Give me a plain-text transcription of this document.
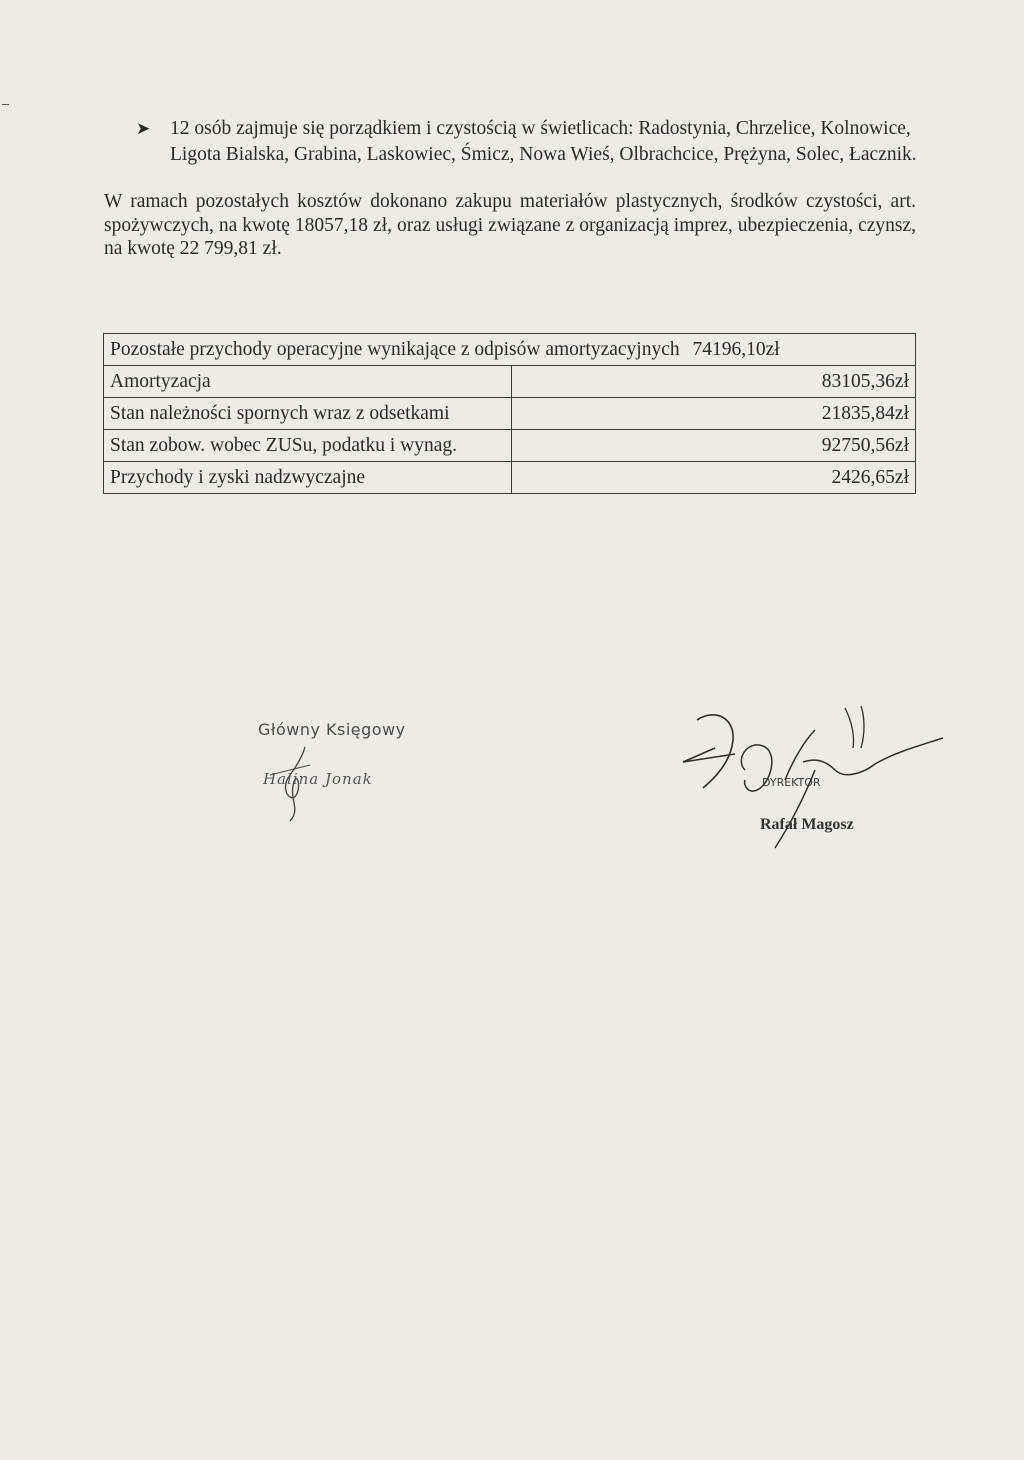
➤ 12 osób zajmuje się porządkiem i czystością w świetlicach: Radostynia, Chrzelice, Kolnowice, Ligota Bialska, Grabina, Laskowiec, Śmicz, Nowa Wieś, Olbrachcice, Prężyna, Solec, Łacznik.
W ramach pozostałych kosztów dokonano zakupu materiałów plastycznych, środków czystości, art. spożywczych, na kwotę 18057,18 zł, oraz usługi związane z organizacją imprez, ubezpieczenia, czynsz, na kwotę 22 799,81 zł.
Pozostałe przychody operacyjne wynikające z odpisów amortyzacyjnych 74196,10zł	
Amortyzacja	83105,36zł
Stan należności spornych wraz z odsetkami	21835,84zł
Stan zobow. wobec ZUSu, podatku i wynag.	92750,56zł
Przychody i zyski nadzwyczajne	2426,65zł
Główny Księgowy
Halina Jonak	DYREKTOR
Rafał Magosz
